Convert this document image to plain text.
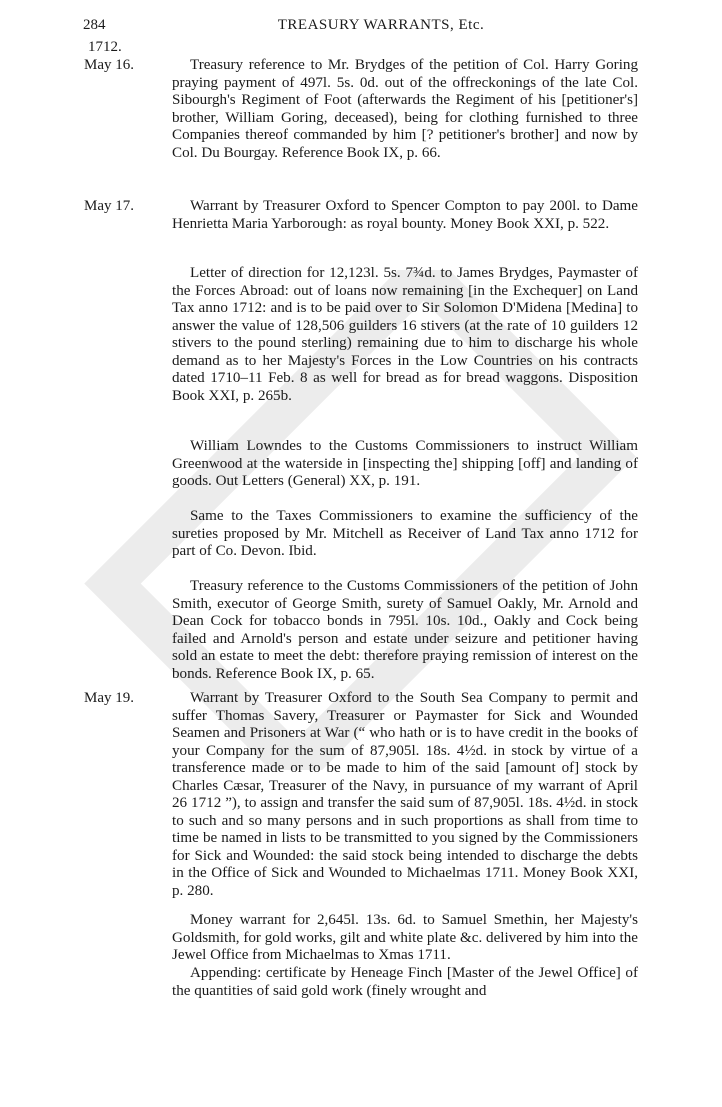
284	TREASURY WARRANTS, Etc.
1712.
May 16.	Treasury reference to Mr. Brydges of the petition of Col. Harry Goring praying payment of 497l. 5s. 0d. out of the offreckonings of the late Col. Sibourgh's Regiment of Foot (afterwards the Regiment of his [petitioner's] brother, William Goring, deceased), being for clothing furnished to three Companies thereof commanded by him [? petitioner's brother] and now by Col. Du Bourgay. Reference Book IX, p. 66.

May 17.	Warrant by Treasurer Oxford to Spencer Compton to pay 200l. to Dame Henrietta Maria Yarborough: as royal bounty. Money Book XXI, p. 522.

Letter of direction for 12,123l. 5s. 7¾d. to James Brydges, Paymaster of the Forces Abroad: out of loans now remaining [in the Exchequer] on Land Tax anno 1712: and is to be paid over to Sir Solomon D'Midena [Medina] to answer the value of 128,506 guilders 16 stivers (at the rate of 10 guilders 12 stivers to the pound sterling) remaining due to him to discharge his whole demand as to her Majesty's Forces in the Low Countries on his contracts dated 1710–11 Feb. 8 as well for bread as for bread waggons. Disposition Book XXI, p. 265b.

William Lowndes to the Customs Commissioners to instruct William Greenwood at the waterside in [inspecting the] shipping [off] and landing of goods. Out Letters (General) XX, p. 191.

Same to the Taxes Commissioners to examine the sufficiency of the sureties proposed by Mr. Mitchell as Receiver of Land Tax anno 1712 for part of Co. Devon. Ibid.

Treasury reference to the Customs Commissioners of the petition of John Smith, executor of George Smith, surety of Samuel Oakly, Mr. Arnold and Dean Cock for tobacco bonds in 795l. 10s. 10d., Oakly and Cock being failed and Arnold's person and estate under seizure and petitioner having sold an estate to meet the debt: therefore praying remission of interest on the bonds. Reference Book IX, p. 65.

May 19.	Warrant by Treasurer Oxford to the South Sea Company to permit and suffer Thomas Savery, Treasurer or Paymaster for Sick and Wounded Seamen and Prisoners at War (“ who hath or is to have credit in the books of your Company for the sum of 87,905l. 18s. 4½d. in stock by virtue of a transference made or to be made to him of the said [amount of] stock by Charles Cæsar, Treasurer of the Navy, in pursuance of my warrant of April 26 1712 ”), to assign and transfer the said sum of 87,905l. 18s. 4½d. in stock to such and so many persons and in such proportions as shall from time to time be named in lists to be transmitted to you signed by the Commissioners for Sick and Wounded: the said stock being intended to discharge the debts in the Office of Sick and Wounded to Michaelmas 1711. Money Book XXI, p. 280.

Money warrant for 2,645l. 13s. 6d. to Samuel Smethin, her Majesty's Goldsmith, for gold works, gilt and white plate &c. delivered by him into the Jewel Office from Michaelmas to Xmas 1711.

Appending: certificate by Heneage Finch [Master of the Jewel Office] of the quantities of said gold work (finely wrought and
